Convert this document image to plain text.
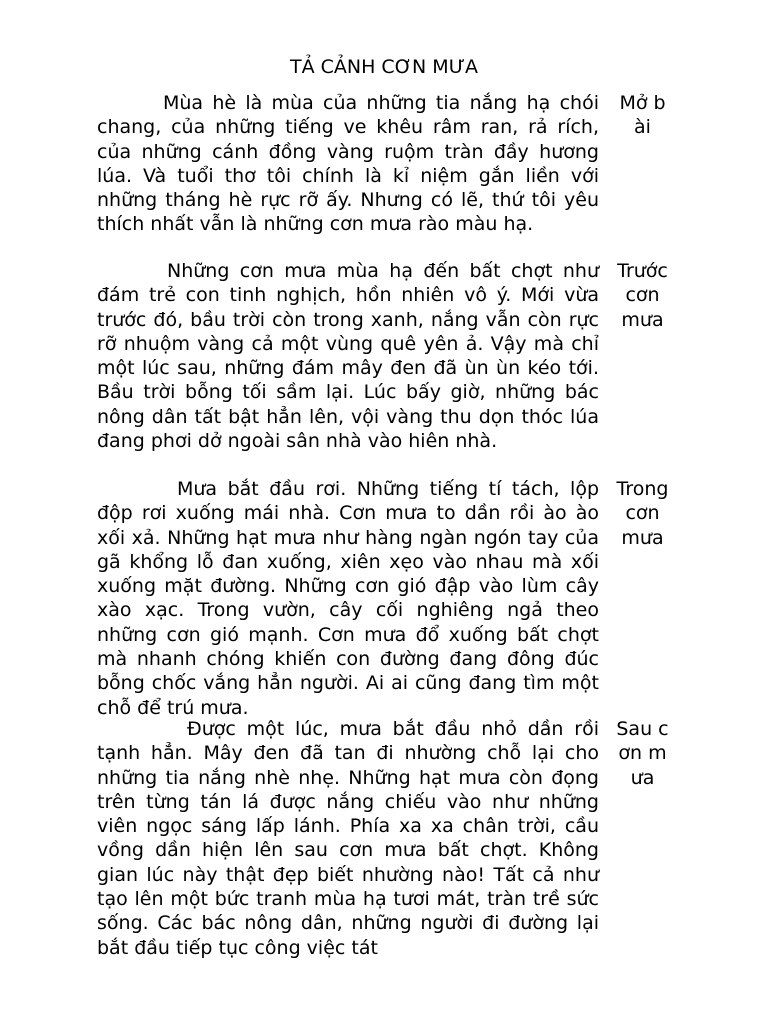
TẢ CẢNH CƠN MƯA

Mùa hè là mùa của những tia nắng hạ chói chang, của những tiếng ve khêu râm ran, rả rích, của những cánh đồng vàng ruộm tràn đầy hương lúa. Và tuổi thơ tôi chính là kỉ niệm gắn liền với những tháng hè rực rỡ ấy. Nhưng có lẽ, thứ tôi yêu thích nhất vẫn là những cơn mưa rào màu hạ.

Mở bài

Những cơn mưa mùa hạ đến bất chợt như đám trẻ con tinh nghịch, hồn nhiên vô ý. Mới vừa trước đó, bầu trời còn trong xanh, nắng vẫn còn rực rỡ nhuộm vàng cả một vùng quê yên ả. Vậy mà chỉ một lúc sau, những đám mây đen đã ùn ùn kéo tới. Bầu trời bỗng tối sầm lại. Lúc bấy giờ, những bác nông dân tất bật hẳn lên, vội vàng thu dọn thóc lúa đang phơi dở ngoài sân nhà vào hiên nhà.

Trước cơn mưa

Mưa bắt đầu rơi. Những tiếng tí tách, lộp độp rơi xuống mái nhà. Cơn mưa to dần rồi ào ào xối xả. Những hạt mưa như hàng ngàn ngón tay của gã khổng lỗ đan xuống, xiên xẹo vào nhau mà xối xuống mặt đường. Những cơn gió đập vào lùm cây xào xạc. Trong vườn, cây cối nghiêng ngả theo những cơn gió mạnh. Cơn mưa đổ xuống bất chợt mà nhanh chóng khiến con đường đang đông đúc bỗng chốc vắng hẳn người. Ai ai cũng đang tìm một chỗ để trú mưa.

Trong cơn mưa

Được một lúc, mưa bắt đầu nhỏ dần rồi tạnh hẳn. Mây đen đã tan đi nhường chỗ lại cho những tia nắng nhè nhẹ. Những hạt mưa còn đọng trên từng tán lá được nắng chiếu vào như những viên ngọc sáng lấp lánh. Phía xa xa chân trời, cầu vồng dần hiện lên sau cơn mưa bất chợt. Không gian lúc này thật đẹp biết nhường nào! Tất cả như tạo lên một bức tranh mùa hạ tươi mát, tràn trề sức sống. Các bác nông dân, những người đi đường lại bắt đầu tiếp tục công việc tát

Sau cơn mưa
